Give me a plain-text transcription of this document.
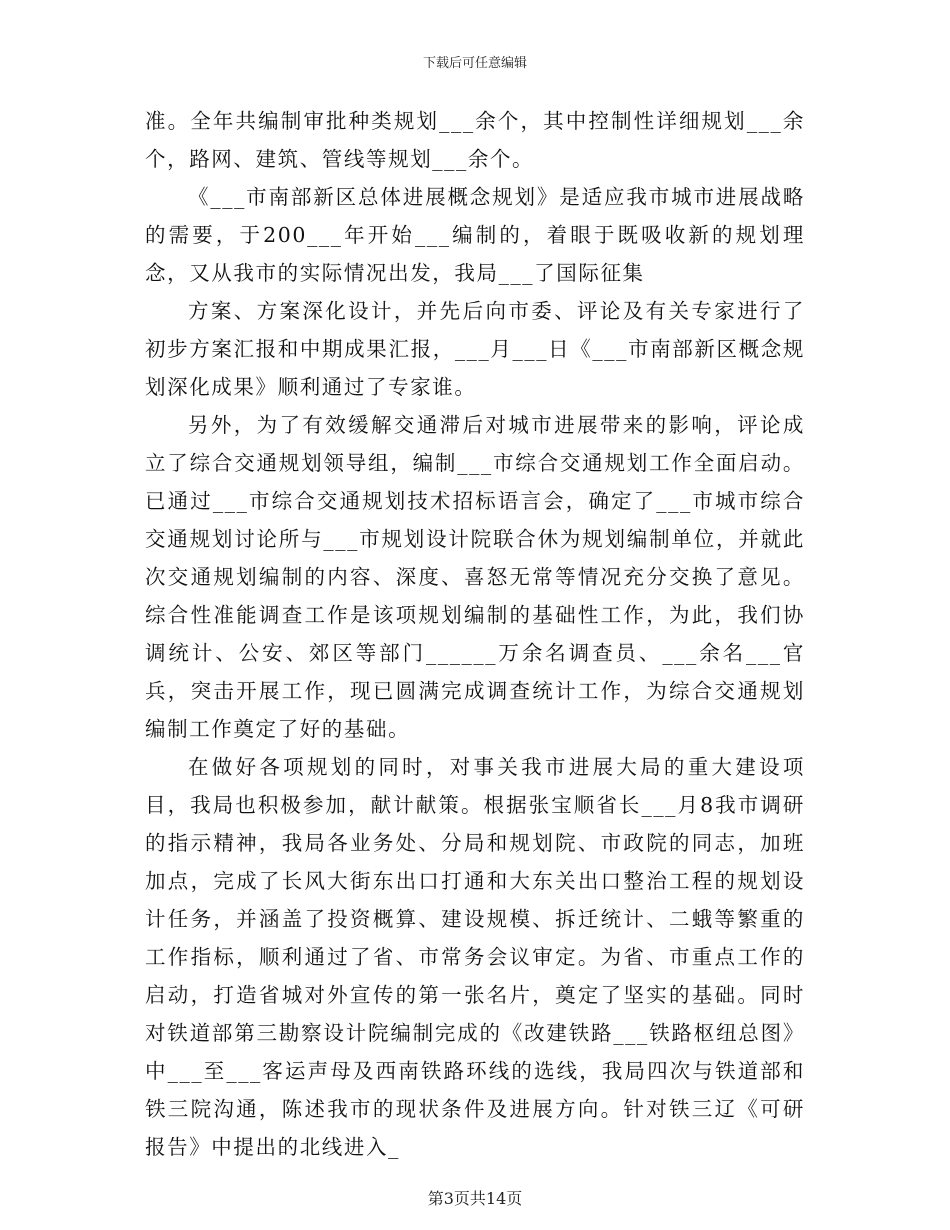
下载后可任意编辑

准。全年共编制审批种类规划___余个，其中控制性详细规划___余个，路网、建筑、管线等规划___余个。

《___市南部新区总体进展概念规划》是适应我市城市进展战略的需要，于200___年开始___编制的，着眼于既吸收新的规划理念，又从我市的实际情况出发，我局___了国际征集

方案、方案深化设计，并先后向市委、评论及有关专家进行了初步方案汇报和中期成果汇报，___月___日《___市南部新区概念规划深化成果》顺利通过了专家谁。

另外，为了有效缓解交通滞后对城市进展带来的影响，评论成立了综合交通规划领导组，编制___市综合交通规划工作全面启动。已通过___市综合交通规划技术招标语言会，确定了___市城市综合交通规划讨论所与___市规划设计院联合休为规划编制单位，并就此次交通规划编制的内容、深度、喜怒无常等情况充分交换了意见。综合性准能调查工作是该项规划编制的基础性工作，为此，我们协调统计、公安、郊区等部门______万余名调查员、___余名___官兵，突击开展工作，现已圆满完成调查统计工作，为综合交通规划编制工作奠定了好的基础。

在做好各项规划的同时，对事关我市进展大局的重大建设项目，我局也积极参加，献计献策。根据张宝顺省长___月8我市调研的指示精神，我局各业务处、分局和规划院、市政院的同志，加班加点，完成了长风大街东出口打通和大东关出口整治工程的规划设计任务，并涵盖了投资概算、建设规模、拆迁统计、二蛾等繁重的工作指标，顺利通过了省、市常务会议审定。为省、市重点工作的启动，打造省城对外宣传的第一张名片，奠定了坚实的基础。同时对铁道部第三勘察设计院编制完成的《改建铁路___铁路枢纽总图》中___至___客运声母及西南铁路环线的选线，我局四次与铁道部和铁三院沟通，陈述我市的现状条件及进展方向。针对铁三辽《可研报告》中提出的北线进入_

第3页共14页
